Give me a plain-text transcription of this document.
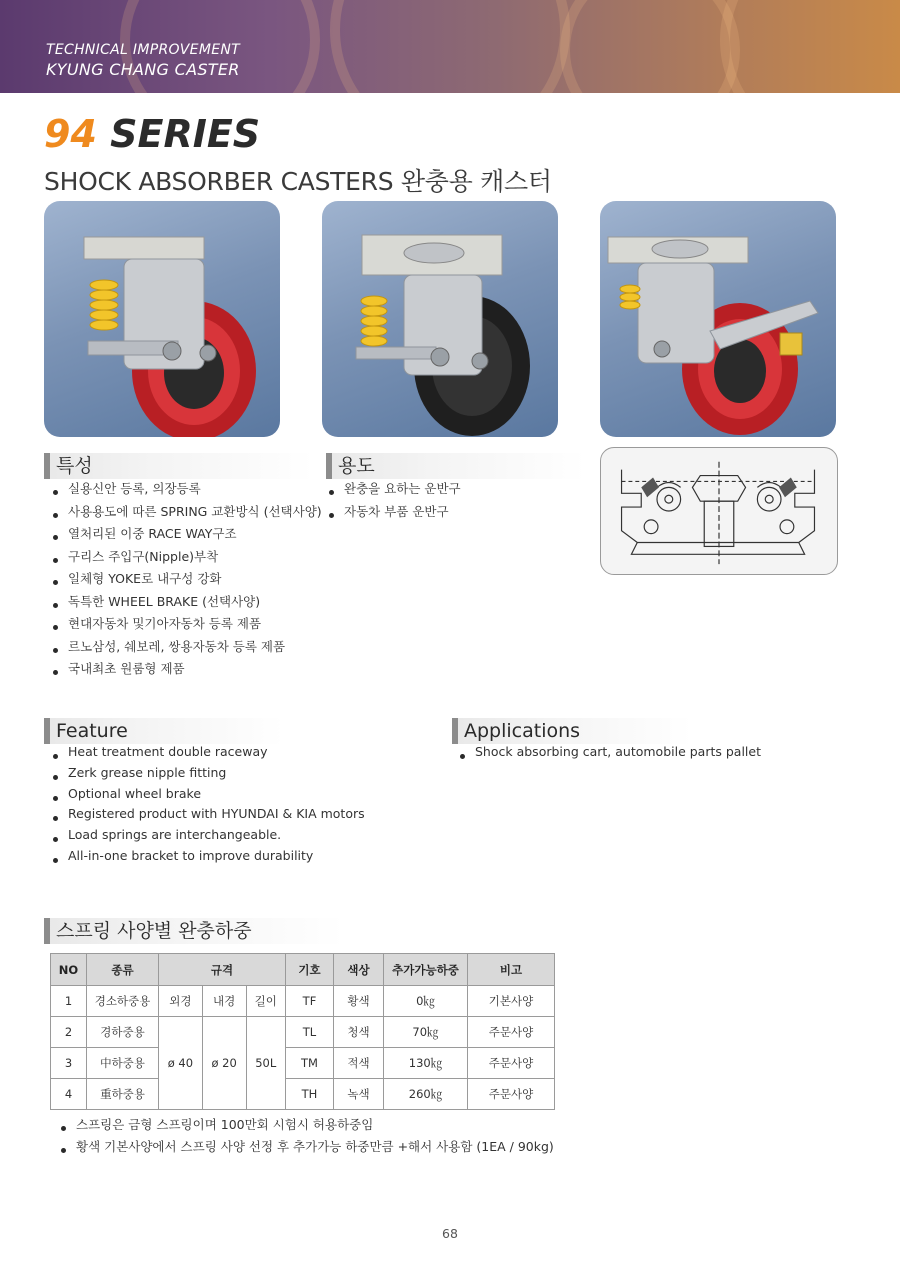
TECHNICAL IMPROVEMENT
KYUNG CHANG CASTER
94 SERIES
SHOCK ABSORBER CASTERS 완충용 캐스터
특성
실용신안 등록, 의장등록
사용용도에 따른 SPRING 교환방식 (선택사양)
열처리된 이중 RACE WAY구조
구리스 주입구(Nipple)부착
일체형 YOKE로 내구성 강화
독특한 WHEEL BRAKE (선택사양)
현대자동차 및기아자동차 등록 제품
르노삼성, 쉐보레, 쌍용자동차 등록 제품
국내최초 원룸형 제품
용도
완충을 요하는 운반구
자동차 부품 운반구
Feature
Heat treatment double raceway
Zerk grease nipple fitting
Optional wheel brake
Registered product with HYUNDAI & KIA motors
Load springs are interchangeable.
All-in-one bracket to improve durability
Applications
Shock absorbing cart, automobile parts pallet
스프링 사양별 완충하중
NO	종류	규격			기호	색상	추가가능하중	비고
1	경소하중용	외경	내경	길이	TF	황색	0㎏	기본사양
2	경하중용	ø 40	ø 20	50L	TL	청색	70㎏	주문사양
3	中하중용				TM	적색	130㎏	주문사양
4	重하중용				TH	녹색	260㎏	주문사양
스프링은 금형 스프링이며 100만회 시험시 허용하중임
황색 기본사양에서 스프링 사양 선정 후 추가가능 하중만큼 +해서 사용함 (1EA / 90kg)
68
